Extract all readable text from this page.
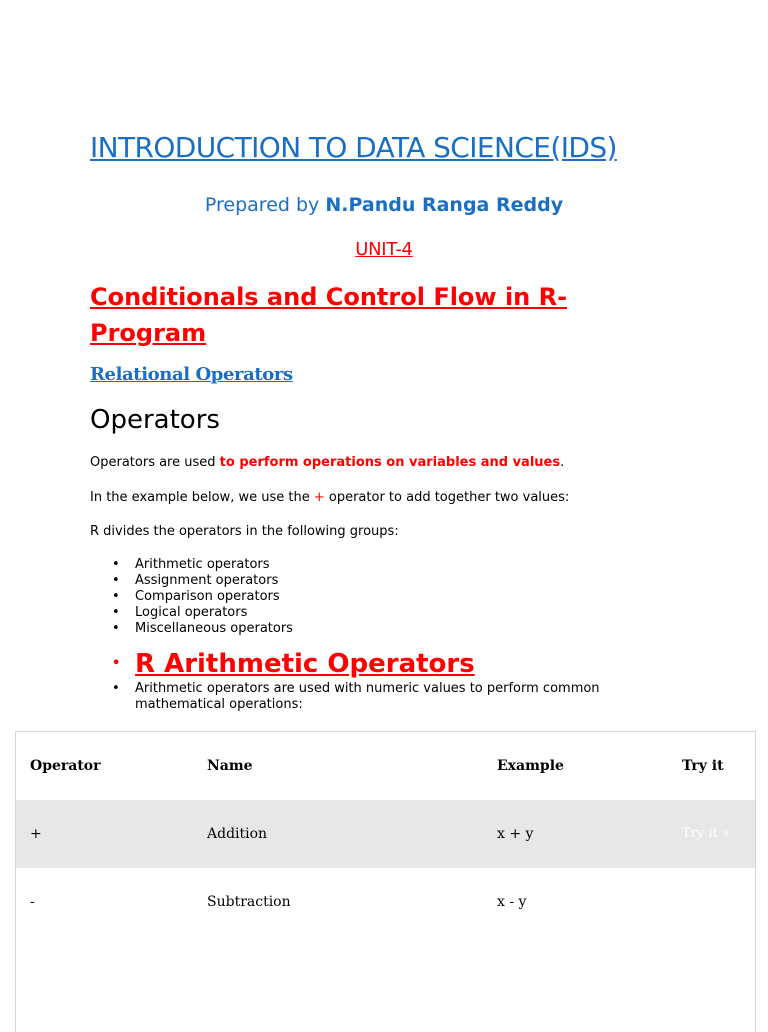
INTRODUCTION TO DATA SCIENCE(IDS)
Prepared by N.Pandu Ranga Reddy
UNIT-4
Conditionals and Control Flow in R-Program
Relational Operators
Operators
Operators are used to perform operations on variables and values.
In the example below, we use the + operator to add together two values:
R divides the operators in the following groups:
• Arithmetic operators
• Assignment operators
• Comparison operators
• Logical operators
• Miscellaneous operators
• R Arithmetic Operators
• Arithmetic operators are used with numeric values to perform common mathematical operations:
Operator	Name	Example	Try it
+	Addition	x + y	Try it »
-	Subtraction	x - y
